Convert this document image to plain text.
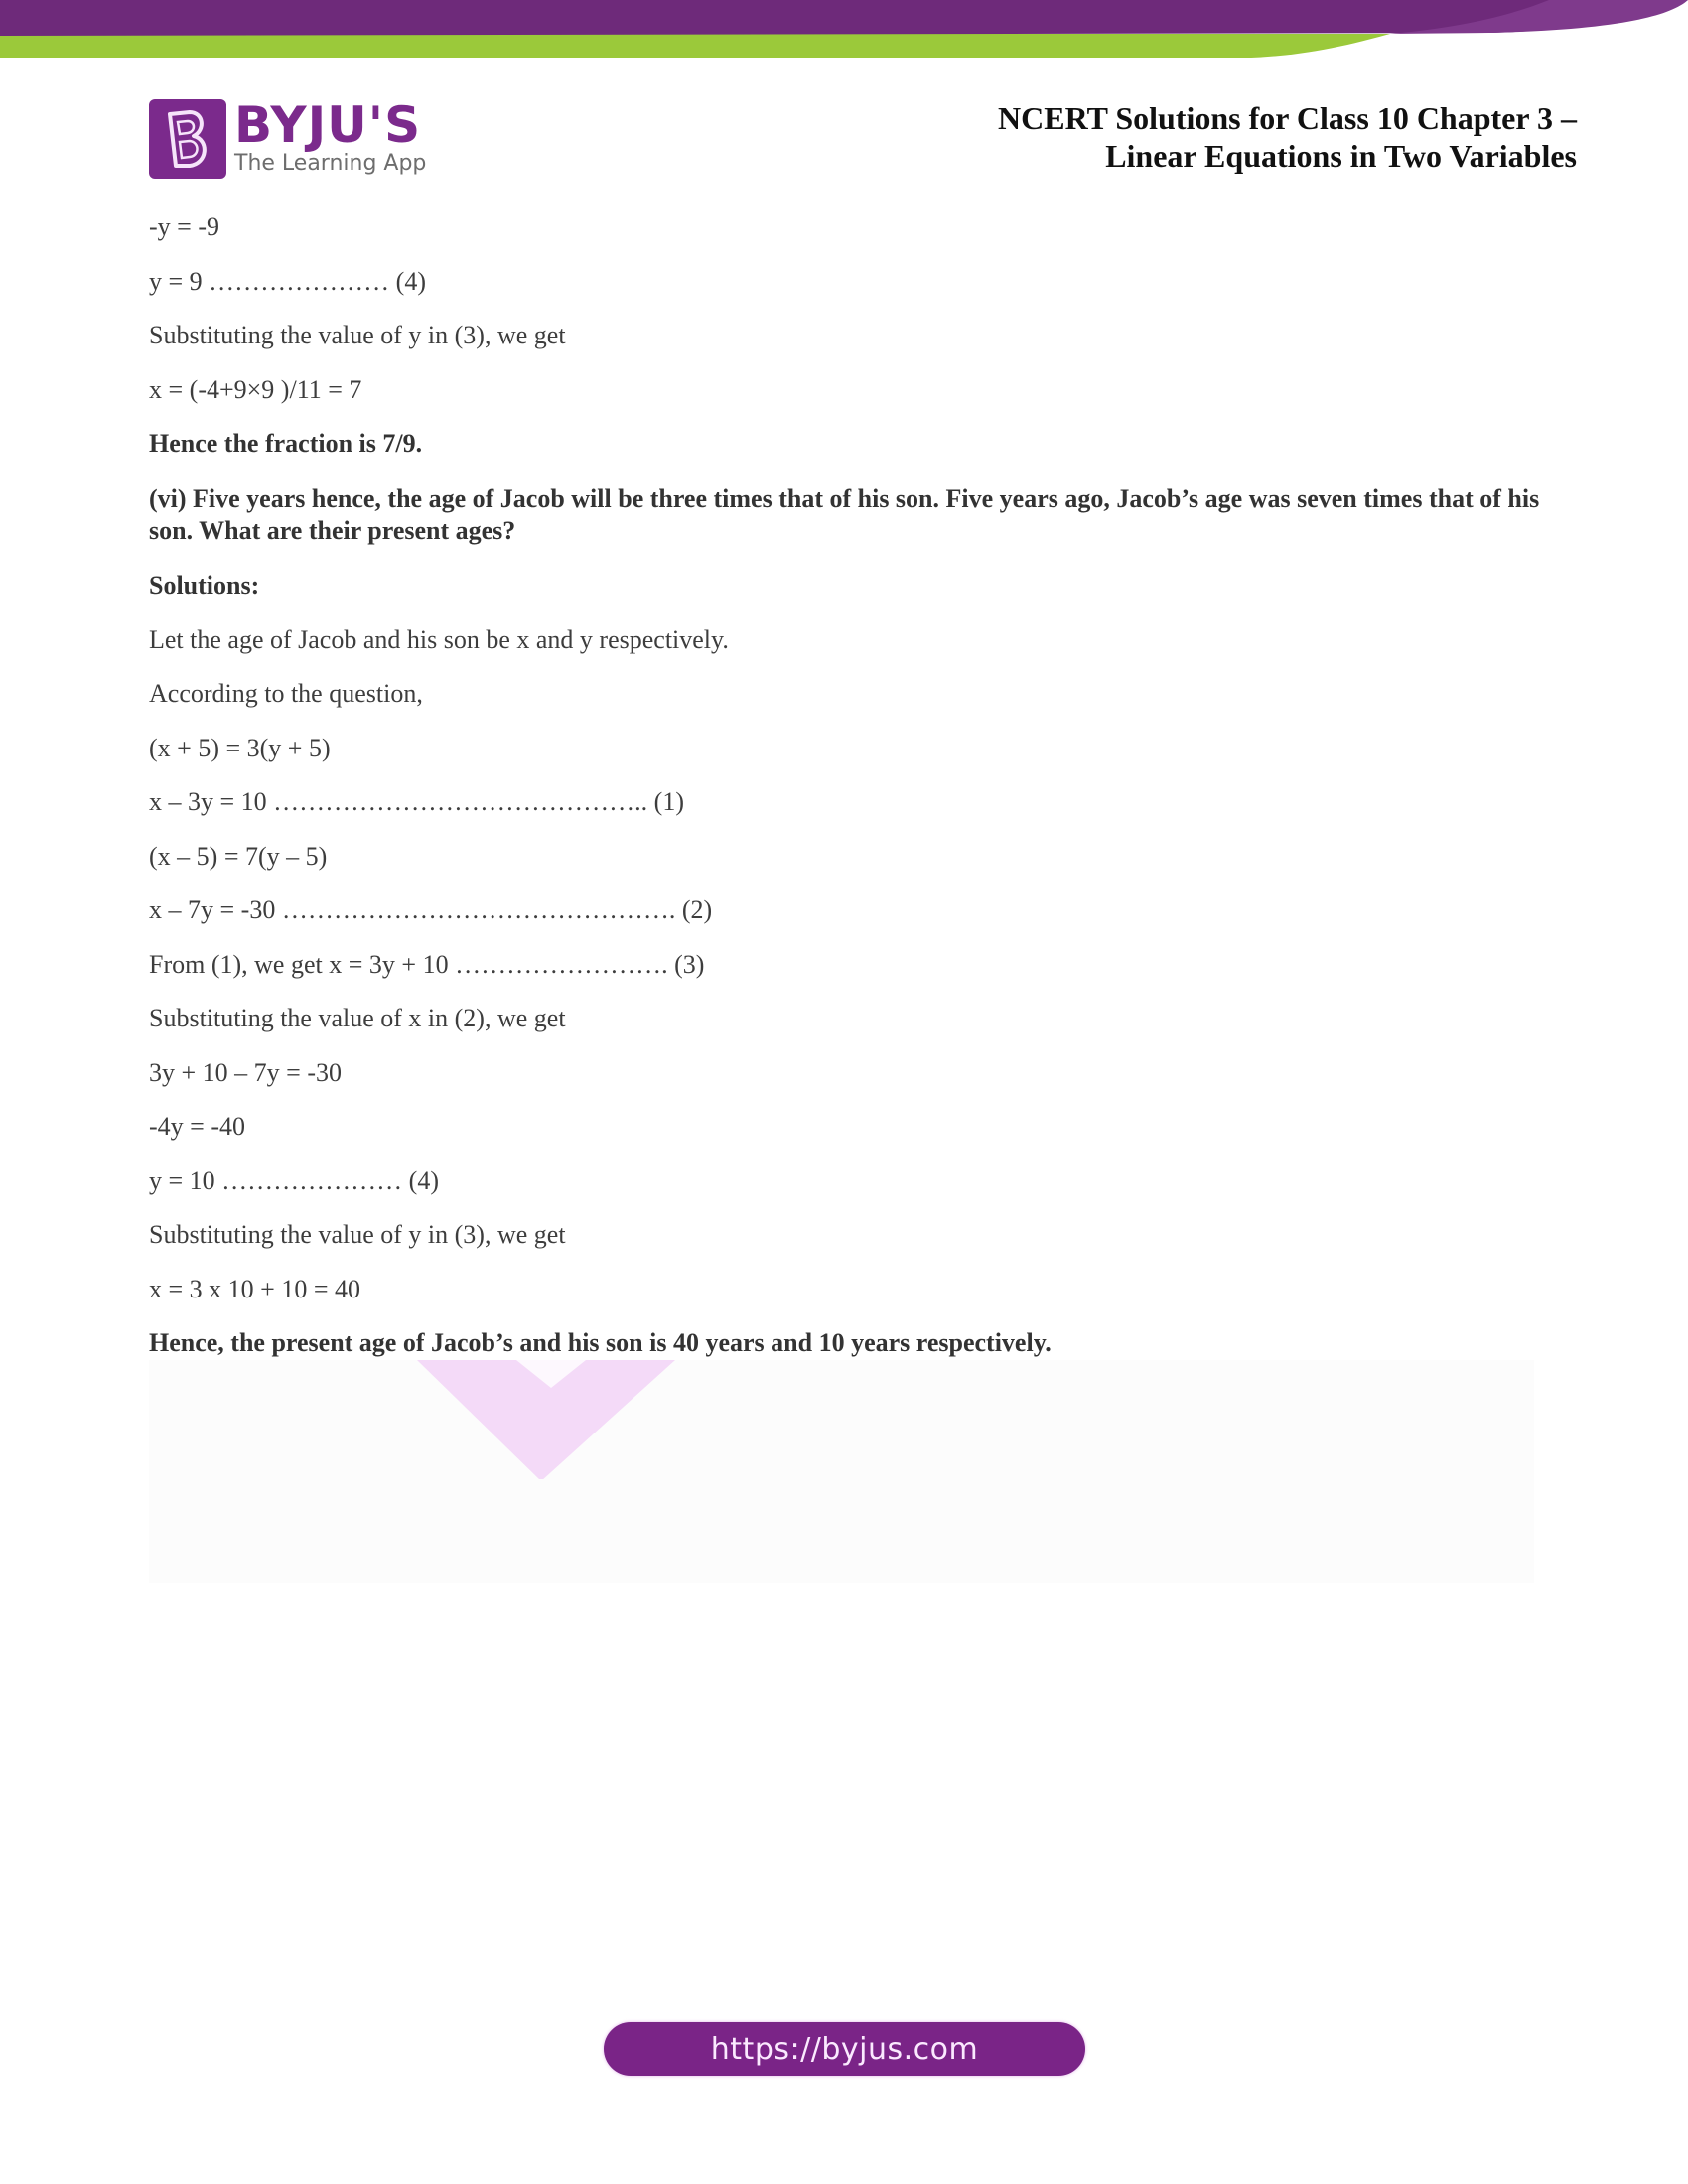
BYJU'S
The Learning App
NCERT Solutions for Class 10 Chapter 3 –
Linear Equations in Two Variables

-y = -9

y = 9 ………………… (4)

Substituting the value of y in (3), we get

x = (-4+9×9 )/11 = 7

Hence the fraction is 7/9.

(vi) Five years hence, the age of Jacob will be three times that of his son. Five years ago, Jacob’s age was seven times that of his son. What are their present ages?

Solutions:

Let the age of Jacob and his son be x and y respectively.

According to the question,

(x + 5) = 3(y + 5)

x – 3y = 10 …………………………………….. (1)

(x – 5) = 7(y – 5)

x – 7y = -30 ………………………………………. (2)

From (1), we get x = 3y + 10 ……………………. (3)

Substituting the value of x in (2), we get

3y + 10 – 7y = -30

-4y = -40

y = 10 ………………… (4)

Substituting the value of y in (3), we get

x = 3 x 10 + 10 = 40

Hence, the present age of Jacob’s and his son is 40 years and 10 years respectively.

https://byjus.com
